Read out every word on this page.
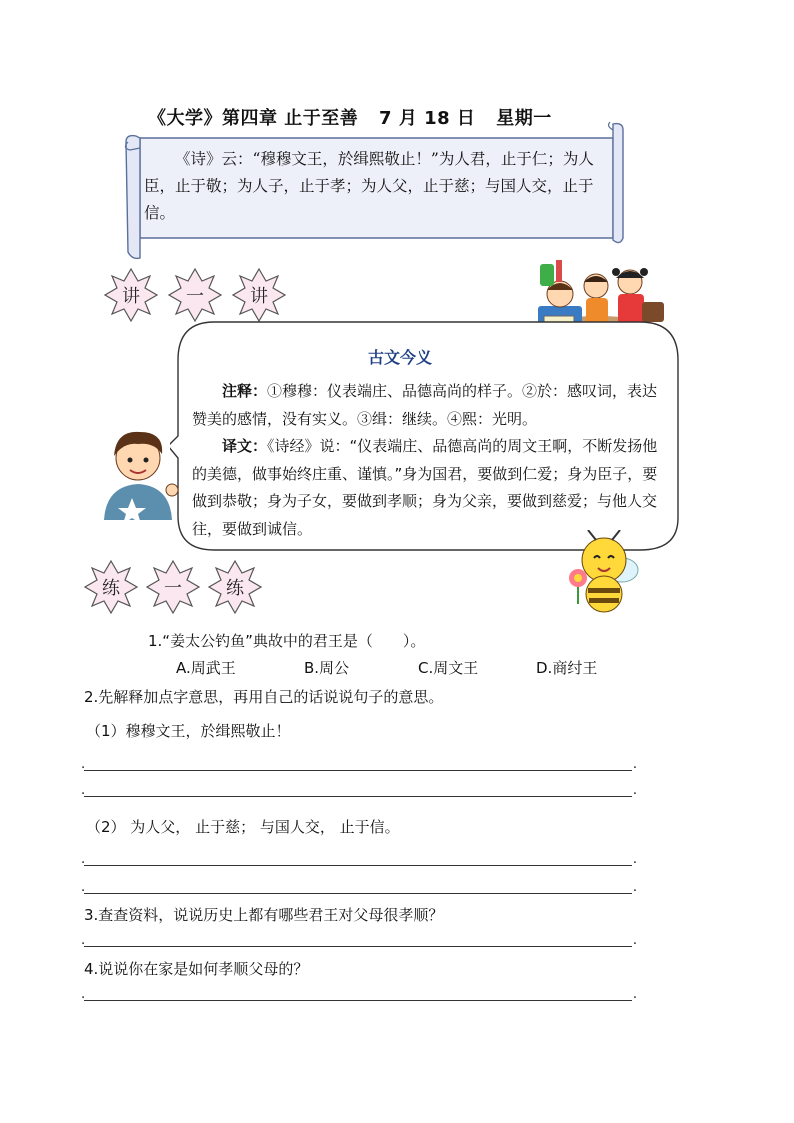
《大学》第四章 止于至善 7 月 18 日 星期一

《诗》云：“穆穆文王，於缉熙敬止！”为人君，止于仁；为人臣，止于敬；为人子，止于孝；为人父，止于慈；与国人交，止于信。

讲	一	讲
古文今义

注释：①穆穆：仪表端庄、品德高尚的样子。②於：感叹词，表达赞美的感情，没有实义。③缉：继续。④熙：光明。

译文：《诗经》说：“仪表端庄、品德高尚的周文王啊，不断发扬他的美德，做事始终庄重、谨慎。”身为国君，要做到仁爱；身为臣子，要做到恭敬；身为子女，要做到孝顺；身为父亲，要做到慈爱；与他人交往，要做到诚信。

练 一 练
1.“姜太公钓鱼”典故中的君王是（　　）。
A.周武王	B.周公	C.周文王	D.商纣王
2.先解释加点字意思，再用自己的话说说句子的意思。
（1）穆穆文王，於缉熙敬止！
. .
. .
（2） 为人父， 止于慈； 与国人交， 止于信。
. .
. .
3.查查资料，说说历史上都有哪些君王对父母很孝顺？
. .
4.说说你在家是如何孝顺父母的？
. .
